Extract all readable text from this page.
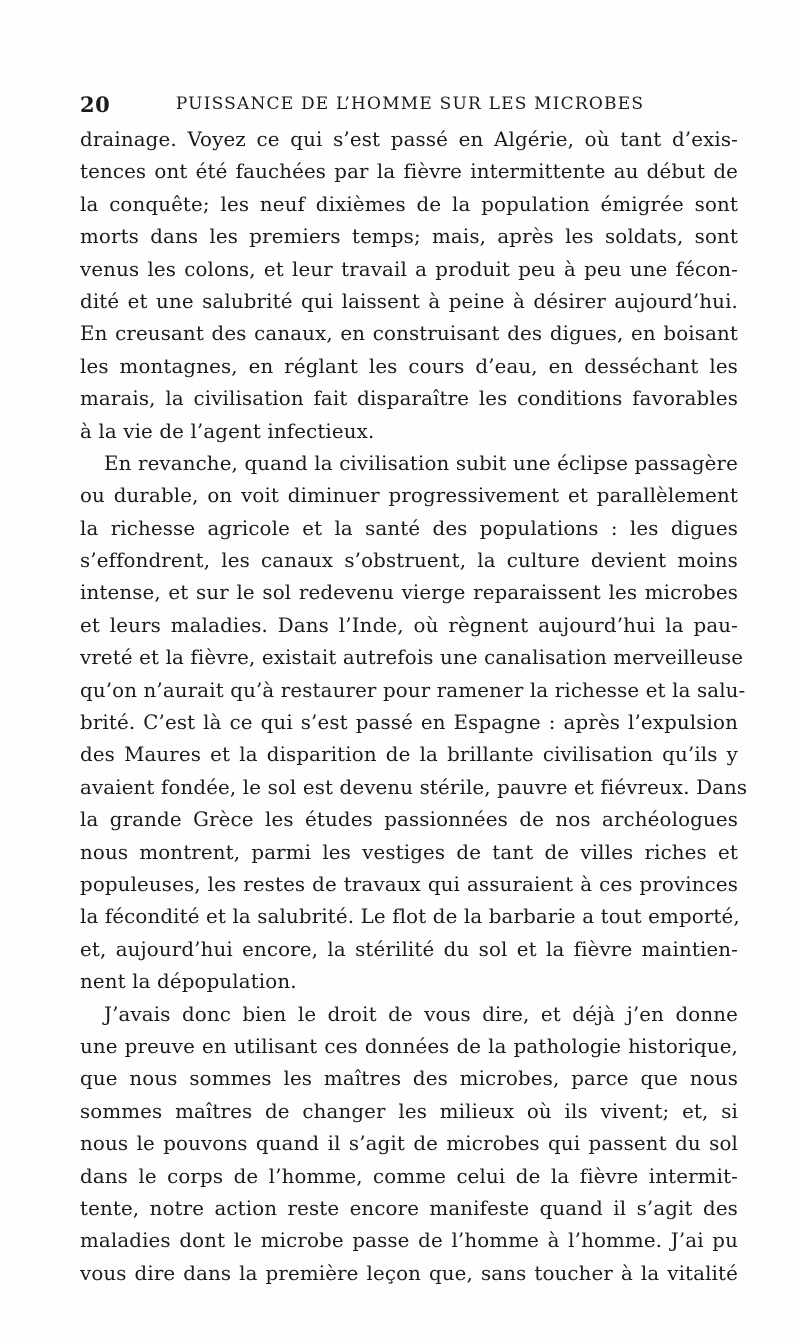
20	PUISSANCE DE L’HOMME SUR LES MICROBES
drainage. Voyez ce qui s’est passé en Algérie, où tant d’exis-
tences ont été fauchées par la fièvre intermittente au début de
la conquête; les neuf dixièmes de la population émigrée sont
morts dans les premiers temps; mais, après les soldats, sont
venus les colons, et leur travail a produit peu à peu une fécon-
dité et une salubrité qui laissent à peine à désirer aujourd’hui.
En creusant des canaux, en construisant des digues, en boisant
les montagnes, en réglant les cours d’eau, en desséchant les
marais, la civilisation fait disparaître les conditions favorables
à la vie de l’agent infectieux.
En revanche, quand la civilisation subit une éclipse passagère
ou durable, on voit diminuer progressivement et parallèlement
la richesse agricole et la santé des populations : les digues
s’effondrent, les canaux s’obstruent, la culture devient moins
intense, et sur le sol redevenu vierge reparaissent les microbes
et leurs maladies. Dans l’Inde, où règnent aujourd’hui la pau-
vreté et la fièvre, existait autrefois une canalisation merveilleuse
qu’on n’aurait qu’à restaurer pour ramener la richesse et la salu-
brité. C’est là ce qui s’est passé en Espagne : après l’expulsion
des Maures et la disparition de la brillante civilisation qu’ils y
avaient fondée, le sol est devenu stérile, pauvre et fiévreux. Dans
la grande Grèce les études passionnées de nos archéologues
nous montrent, parmi les vestiges de tant de villes riches et
populeuses, les restes de travaux qui assuraient à ces provinces
la fécondité et la salubrité. Le flot de la barbarie a tout emporté,
et, aujourd’hui encore, la stérilité du sol et la fièvre maintien-
nent la dépopulation.
J’avais donc bien le droit de vous dire, et déjà j’en donne
une preuve en utilisant ces données de la pathologie historique,
que nous sommes les maîtres des microbes, parce que nous
sommes maîtres de changer les milieux où ils vivent; et, si
nous le pouvons quand il s’agit de microbes qui passent du sol
dans le corps de l’homme, comme celui de la fièvre intermit-
tente, notre action reste encore manifeste quand il s’agit des
maladies dont le microbe passe de l’homme à l’homme. J’ai pu
vous dire dans la première leçon que, sans toucher à la vitalité
